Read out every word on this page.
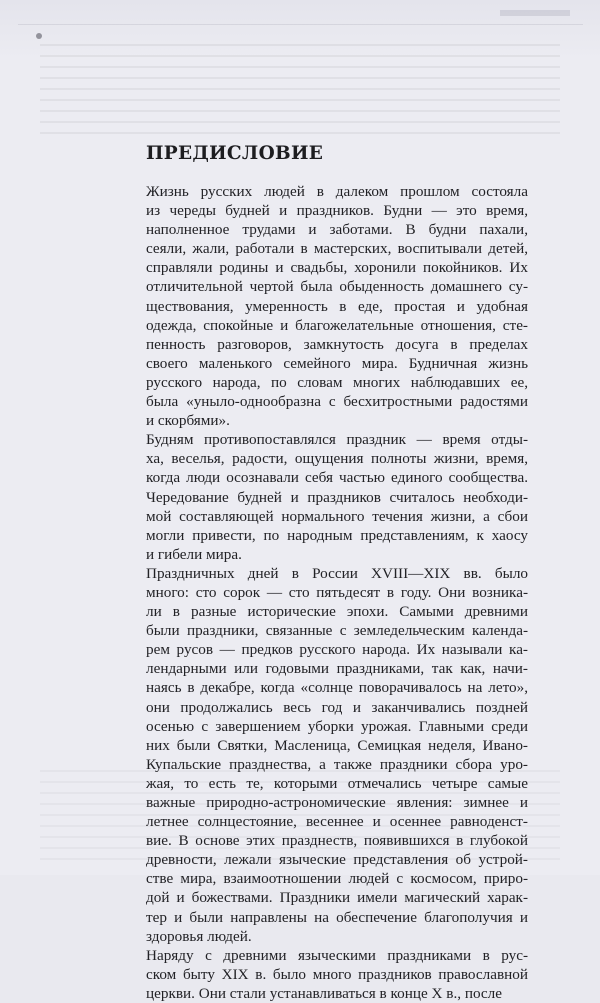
ПРЕДИСЛОВИЕ

Жизнь русских людей в далеком прошлом состояла
из череды будней и праздников. Будни — это время,
наполненное трудами и заботами. В будни пахали,
сеяли, жали, работали в мастерских, воспитывали детей,
справляли родины и свадьбы, хоронили покойников. Их
отличительной чертой была обыденность домашнего су-
ществования, умеренность в еде, простая и удобная
одежда, спокойные и благожелательные отношения, сте-
пенность разговоров, замкнутость досуга в пределах
своего маленького семейного мира. Будничная жизнь
русского народа, по словам многих наблюдавших ее,
была «уныло-однообразна с бесхитростными радостями
и скорбями».

Будням противопоставлялся праздник — время отды-
ха, веселья, радости, ощущения полноты жизни, время,
когда люди осознавали себя частью единого сообщества.
Чередование будней и праздников считалось необходи-
мой составляющей нормального течения жизни, а сбои
могли привести, по народным представлениям, к хаосу
и гибели мира.

Праздничных дней в России XVIII—XIX вв. было
много: сто сорок — сто пятьдесят в году. Они возника-
ли в разные исторические эпохи. Самыми древними
были праздники, связанные с земледельческим календа-
рем русов — предков русского народа. Их называли ка-
лендарными или годовыми праздниками, так как, начи-
наясь в декабре, когда «солнце поворачивалось на лето»,
они продолжались весь год и заканчивались поздней
осенью с завершением уборки урожая. Главными среди
них были Святки, Масленица, Семицкая неделя, Ивано-
Купальские празднества, а также праздники сбора уро-
жая, то есть те, которыми отмечались четыре самые
важные природно-астрономические явления: зимнее и
летнее солнцестояние, весеннее и осеннее равноденст-
вие. В основе этих празднеств, появившихся в глубокой
древности, лежали языческие представления об устрой-
стве мира, взаимоотношении людей с космосом, приро-
дой и божествами. Праздники имели магический харак-
тер и были направлены на обеспечение благополучия и
здоровья людей.

Наряду с древними языческими праздниками в рус-
ском быту XIX в. было много праздников православной
церкви. Они стали устанавливаться в конце X в., после
